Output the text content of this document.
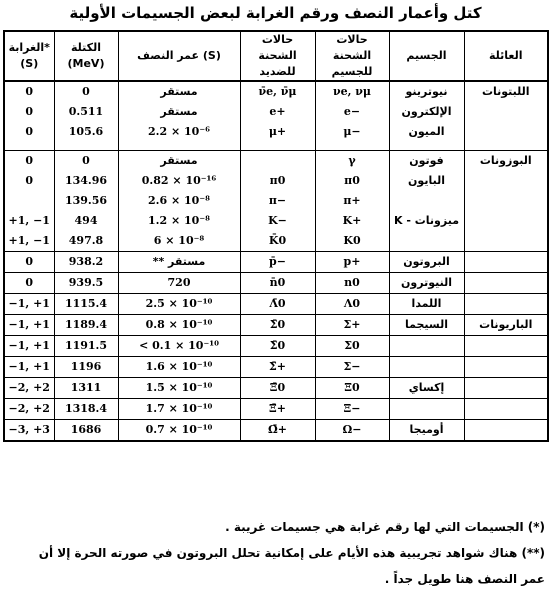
كتل وأعمار النصف ورقم الغرابة لبعض الجسيمات الأولية
الغرابة* (S)	الكتلة (MeV)	عمر النصف (S)	حالات الشحنة للضديد	حالات الشحنة للجسيم	الجسيم	العائلة
0	0	مستقر	ν̄e, ν̄μ	νe, νμ	نيوترينو	اللبتونات
0	0.511	مستقر	e+	e−	الإلكترون	
0	105.6	2.2 × 10⁻⁶	μ+	μ−	الميون	

0	0	مستقر		γ	فوتون	البوزونات
0	134.96	0.82 × 10⁻¹⁶	π0	π0	البايون	
	139.56	2.6 × 10⁻⁸	π−	π+		
+1, −1	494	1.2 × 10⁻⁸	K−	K+	ميزونات - K	
+1, −1	497.8	6 × 10⁻⁸	K̄0	K0		
0	938.2	مستقر **	p̄−	p+	البروتون	
0	939.5	720	n̄0	n0	النيوترون	
−1, +1	1115.4	2.5 × 10⁻¹⁰	Λ̄0	Λ0	اللمدا	
−1, +1	1189.4	0.8 × 10⁻¹⁰	Σ̄0	Σ+	السيجما	الباريونات
−1, +1	1191.5	< 0.1 × 10⁻¹⁰	Σ̄0	Σ0		
−1, +1	1196	1.6 × 10⁻¹⁰	Σ̄+	Σ−		
−2, +2	1311	1.5 × 10⁻¹⁰	Ξ̄0	Ξ0	إكساي	
−2, +2	1318.4	1.7 × 10⁻¹⁰	Ξ̄+	Ξ−		
−3, +3	1686	0.7 × 10⁻¹⁰	Ω̄+	Ω−	أوميجا	
(*) الجسيمات التي لها رقم غرابة هي جسيمات غريبة .
(**) هناك شواهد تجريبية هذه الأيام على إمكانية تحلل البروتون في صورته الحرة إلا أن
عمر النصف هنا طويل جداً .
